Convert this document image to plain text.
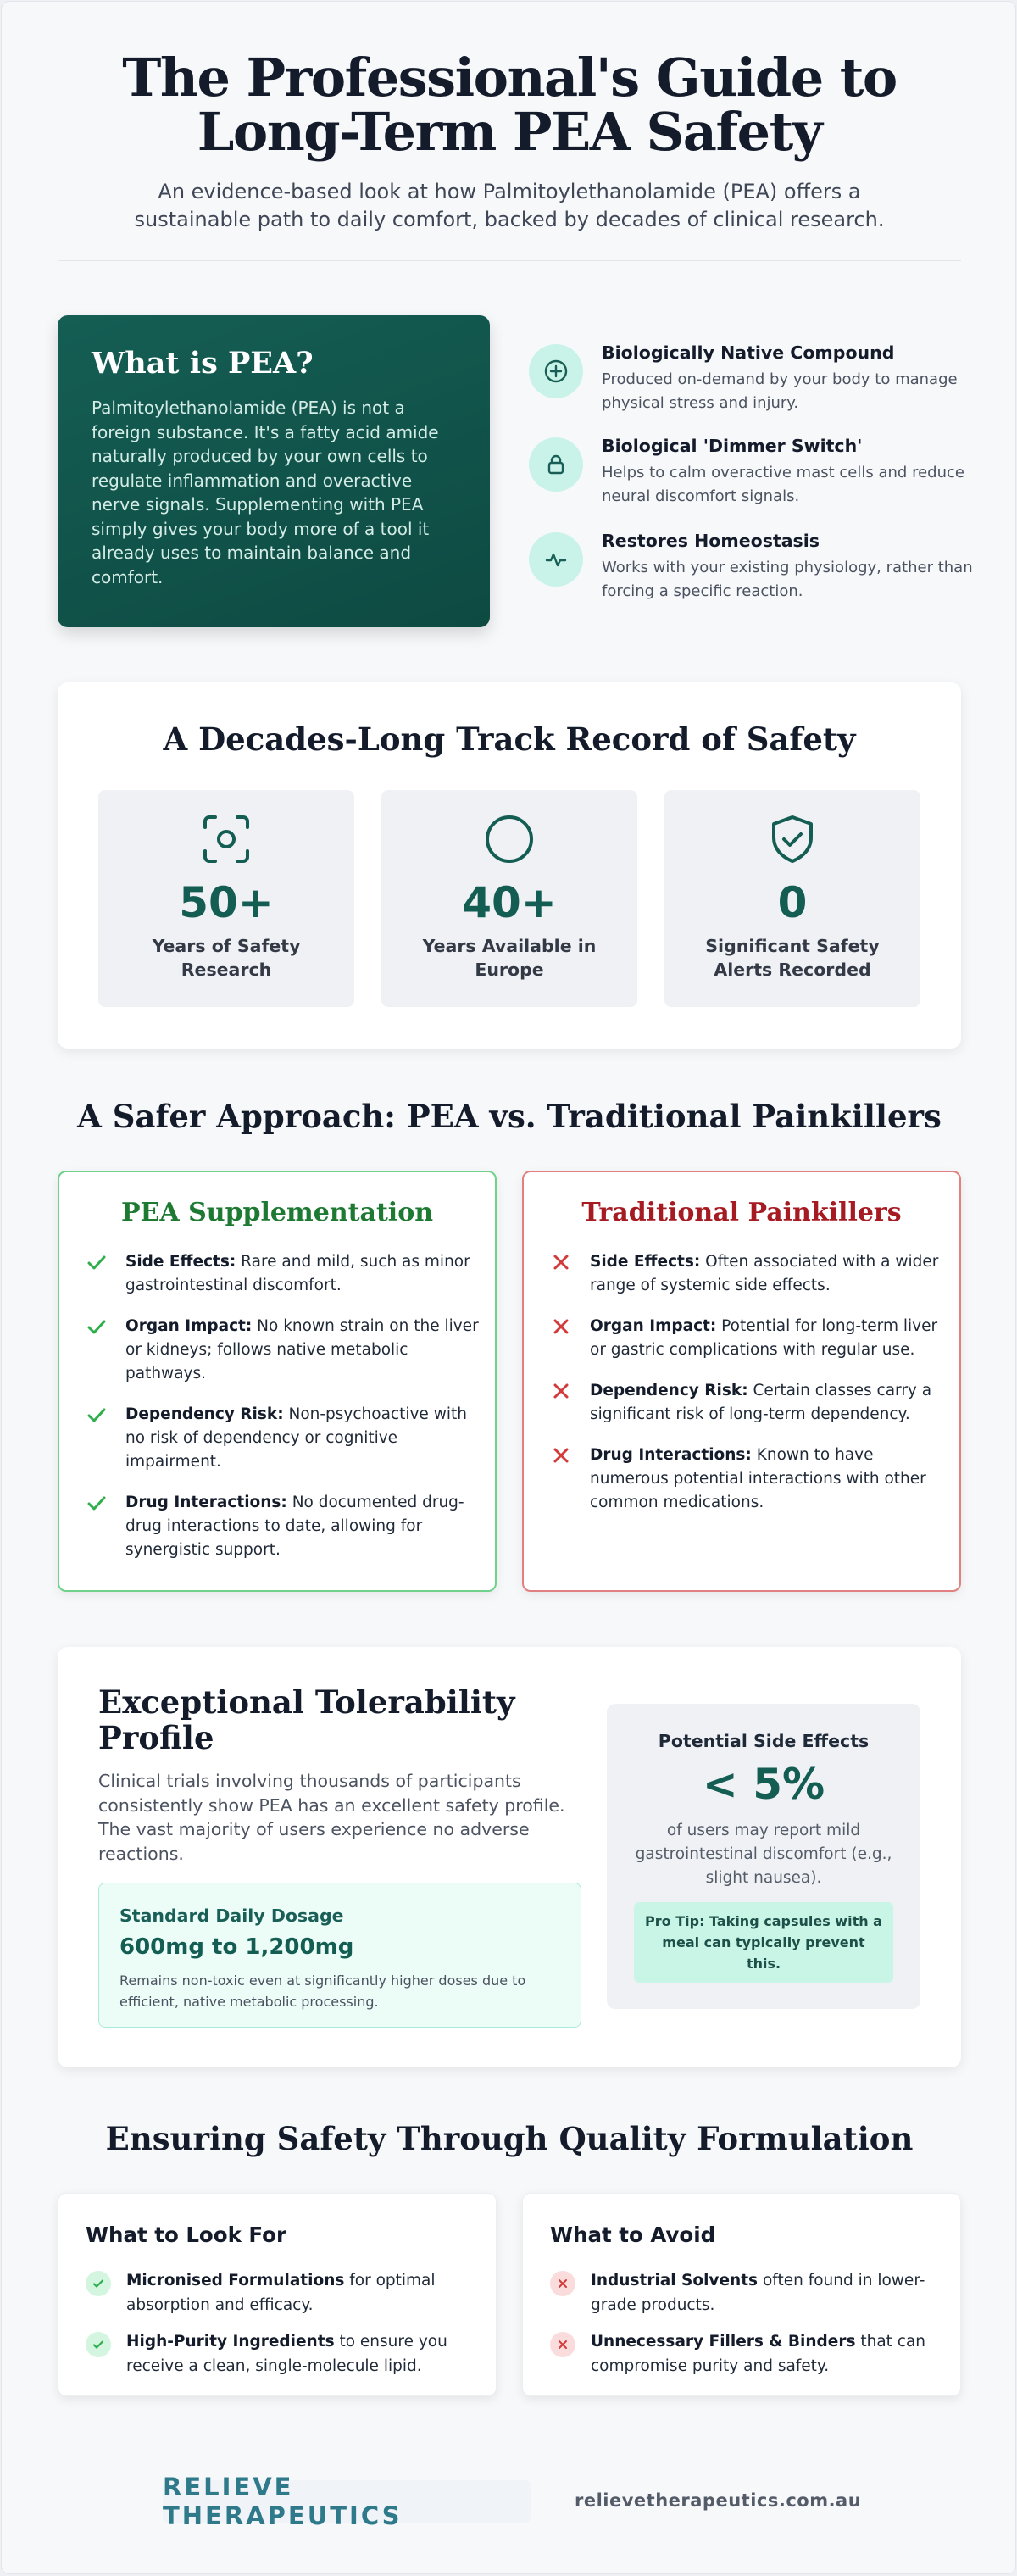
The Professional's Guide to Long-Term PEA Safety

An evidence-based look at how Palmitoylethanolamide (PEA) offers a sustainable path to daily comfort, backed by decades of clinical research.

What is PEA?

Palmitoylethanolamide (PEA) is not a foreign substance. It's a fatty acid amide naturally produced by your own cells to regulate inflammation and overactive nerve signals. Supplementing with PEA simply gives your body more of a tool it already uses to maintain balance and comfort.

Biologically Native Compound
Produced on-demand by your body to manage physical stress and injury.
Biological 'Dimmer Switch'
Helps to calm overactive mast cells and reduce neural discomfort signals.
Restores Homeostasis
Works with your existing physiology, rather than forcing a specific reaction.
A Decades-Long Track Record of Safety
50+
Years of Safety Research
40+
Years Available in Europe
0
Significant Safety Alerts Recorded
A Safer Approach: PEA vs. Traditional Painkillers
PEA Supplementation
Side Effects: Rare and mild, such as minor gastrointestinal discomfort.
Organ Impact: No known strain on the liver or kidneys; follows native metabolic pathways.
Dependency Risk: Non-psychoactive with no risk of dependency or cognitive impairment.
Drug Interactions: No documented drug-drug interactions to date, allowing for synergistic support.
Traditional Painkillers
Side Effects: Often associated with a wider range of systemic side effects.
Organ Impact: Potential for long-term liver or gastric complications with regular use.
Dependency Risk: Certain classes carry a significant risk of long-term dependency.
Drug Interactions: Known to have numerous potential interactions with other common medications.
Exceptional Tolerability Profile
Clinical trials involving thousands of participants consistently show PEA has an excellent safety profile. The vast majority of users experience no adverse reactions.
Standard Daily Dosage
600mg to 1,200mg
Remains non-toxic even at significantly higher doses due to efficient, native metabolic processing.
Potential Side Effects
< 5%
of users may report mild gastrointestinal discomfort (e.g., slight nausea).
Pro Tip: Taking capsules with a meal can typically prevent this.
Ensuring Safety Through Quality Formulation
What to Look For
Micronised Formulations for optimal absorption and efficacy.
High-Purity Ingredients to ensure you receive a clean, single-molecule lipid.
What to Avoid
Industrial Solvents often found in lower-grade products.
Unnecessary Fillers & Binders that can compromise purity and safety.
RELIEVE THERAPEUTICS
relievetherapeutics.com.au
